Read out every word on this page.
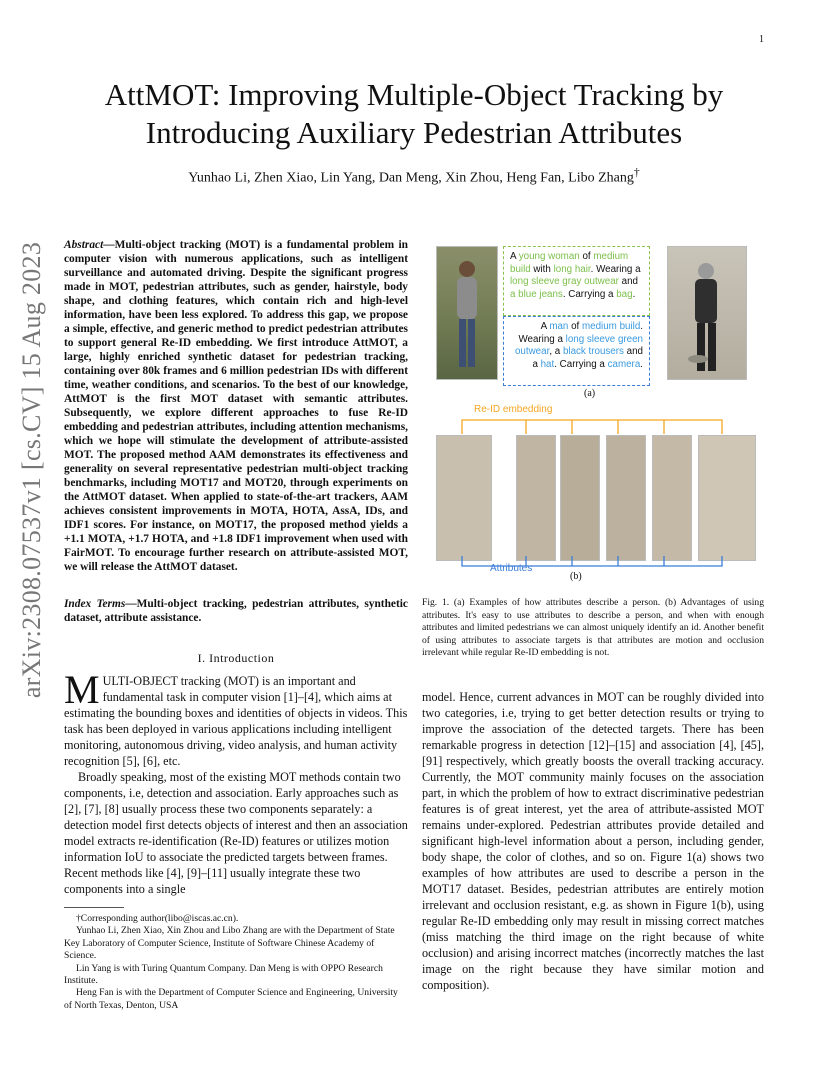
1
arXiv:2308.07537v1 [cs.CV] 15 Aug 2023
AttMOT: Improving Multiple-Object Tracking by
Introducing Auxiliary Pedestrian Attributes
Yunhao Li, Zhen Xiao, Lin Yang, Dan Meng, Xin Zhou, Heng Fan, Libo Zhang†
Abstract—Multi-object tracking (MOT) is a fundamental problem in computer vision with numerous applications, such as intelligent surveillance and automated driving. Despite the significant progress made in MOT, pedestrian attributes, such as gender, hairstyle, body shape, and clothing features, which contain rich and high-level information, have been less explored. To address this gap, we propose a simple, effective, and generic method to predict pedestrian attributes to support general Re-ID embedding. We first introduce AttMOT, a large, highly enriched synthetic dataset for pedestrian tracking, containing over 80k frames and 6 million pedestrian IDs with different time, weather conditions, and scenarios. To the best of our knowledge, AttMOT is the first MOT dataset with semantic attributes. Subsequently, we explore different approaches to fuse Re-ID embedding and pedestrian attributes, including attention mechanisms, which we hope will stimulate the development of attribute-assisted MOT. The proposed method AAM demonstrates its effectiveness and generality on several representative pedestrian multi-object tracking benchmarks, including MOT17 and MOT20, through experiments on the AttMOT dataset. When applied to state-of-the-art trackers, AAM achieves consistent improvements in MOTA, HOTA, AssA, IDs, and IDF1 scores. For instance, on MOT17, the proposed method yields a +1.1 MOTA, +1.7 HOTA, and +1.8 IDF1 improvement when used with FairMOT. To encourage further research on attribute-assisted MOT, we will release the AttMOT dataset.
Index Terms—Multi-object tracking, pedestrian attributes, synthetic dataset, attribute assistance.
I. Introduction

MULTI-OBJECT tracking (MOT) is an important and fundamental task in computer vision [1]–[4], which aims at estimating the bounding boxes and identities of objects in videos. This task has been deployed in various applications including intelligent monitoring, autonomous driving, video analysis, and human activity recognition [5], [6], etc.

Broadly speaking, most of the existing MOT methods contain two components, i.e, detection and association. Early approaches such as [2], [7], [8] usually process these two components separately: a detection model first detects objects of interest and then an association model extracts re-identification (Re-ID) features or utilizes motion information IoU to associate the predicted targets between frames. Recent methods like [4], [9]–[11] usually integrate these two components into a single

†Corresponding author(libo@iscas.ac.cn).

Yunhao Li, Zhen Xiao, Xin Zhou and Libo Zhang are with the Department of State Key Laboratory of Computer Science, Institute of Software Chinese Academy of Science.

Lin Yang is with Turing Quantum Company. Dan Meng is with OPPO Research Institute.

Heng Fan is with the Department of Computer Science and Engineering, University of North Texas, Denton, USA

A young woman of medium build with long hair. Wearing a long sleeve gray outwear and a blue jeans. Carrying a bag.
A man of medium build. Wearing a long sleeve green outwear, a black trousers and a hat. Carrying a camera.
(a)
Re-ID embedding
Attributes
(b)
Fig. 1. (a) Examples of how attributes describe a person. (b) Advantages of using attributes. It's easy to use attributes to describe a person, and when with enough attributes and limited pedestrians we can almost uniquely identify an id. Another benefit of using attributes to associate targets is that attributes are motion and occlusion irrelevant while regular Re-ID embedding is not.
model. Hence, current advances in MOT can be roughly divided into two categories, i.e, trying to get better detection results or trying to improve the association of the detected targets. There has been remarkable progress in detection [12]–[15] and association [4], [45], [91] respectively, which greatly boosts the overall tracking accuracy. Currently, the MOT community mainly focuses on the association part, in which the problem of how to extract discriminative pedestrian features is of great interest, yet the area of attribute-assisted MOT remains under-explored. Pedestrian attributes provide detailed and significant high-level information about a person, including gender, body shape, the color of clothes, and so on. Figure 1(a) shows two examples of how attributes are used to describe a person in the MOT17 dataset. Besides, pedestrian attributes are entirely motion irrelevant and occlusion resistant, e.g. as shown in Figure 1(b), using regular Re-ID embedding only may result in missing correct matches (miss matching the third image on the right because of white occlusion) and arising incorrect matches (incorrectly matches the last image on the right because they have similar motion and composition).
